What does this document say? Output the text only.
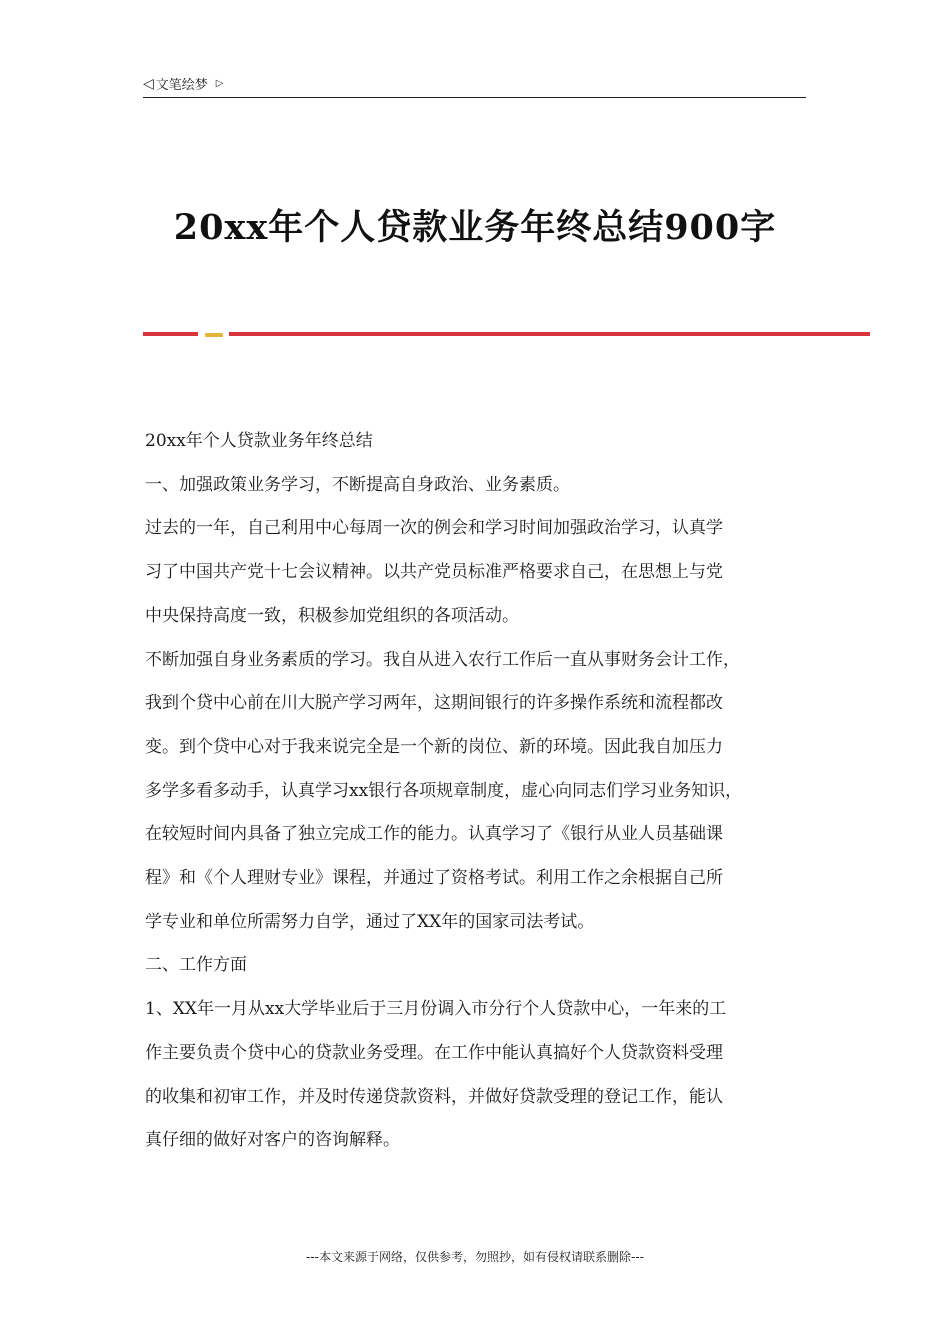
◁ 文笔绘梦 ▷
20xx年个人贷款业务年终总结900字

20xx年个人贷款业务年终总结

一、加强政策业务学习，不断提高自身政治、业务素质。

过去的一年，自己利用中心每周一次的例会和学习时间加强政治学习，认真学

习了中国共产党十七会议精神。以共产党员标准严格要求自己，在思想上与党

中央保持高度一致，积极参加党组织的各项活动。

不断加强自身业务素质的学习。我自从进入农行工作后一直从事财务会计工作，

我到个贷中心前在川大脱产学习两年，这期间银行的许多操作系统和流程都改

变。到个贷中心对于我来说完全是一个新的岗位、新的环境。因此我自加压力

多学多看多动手，认真学习xx银行各项规章制度，虚心向同志们学习业务知识，

在较短时间内具备了独立完成工作的能力。认真学习了《银行从业人员基础课

程》和《个人理财专业》课程，并通过了资格考试。利用工作之余根据自己所

学专业和单位所需努力自学，通过了XX年的国家司法考试。

二、工作方面

1、XX年一月从xx大学毕业后于三月份调入市分行个人贷款中心，一年来的工

作主要负责个贷中心的贷款业务受理。在工作中能认真搞好个人贷款资料受理

的收集和初审工作，并及时传递贷款资料，并做好贷款受理的登记工作，能认

真仔细的做好对客户的咨询解释。

---本文来源于网络，仅供参考，勿照抄，如有侵权请联系删除---
